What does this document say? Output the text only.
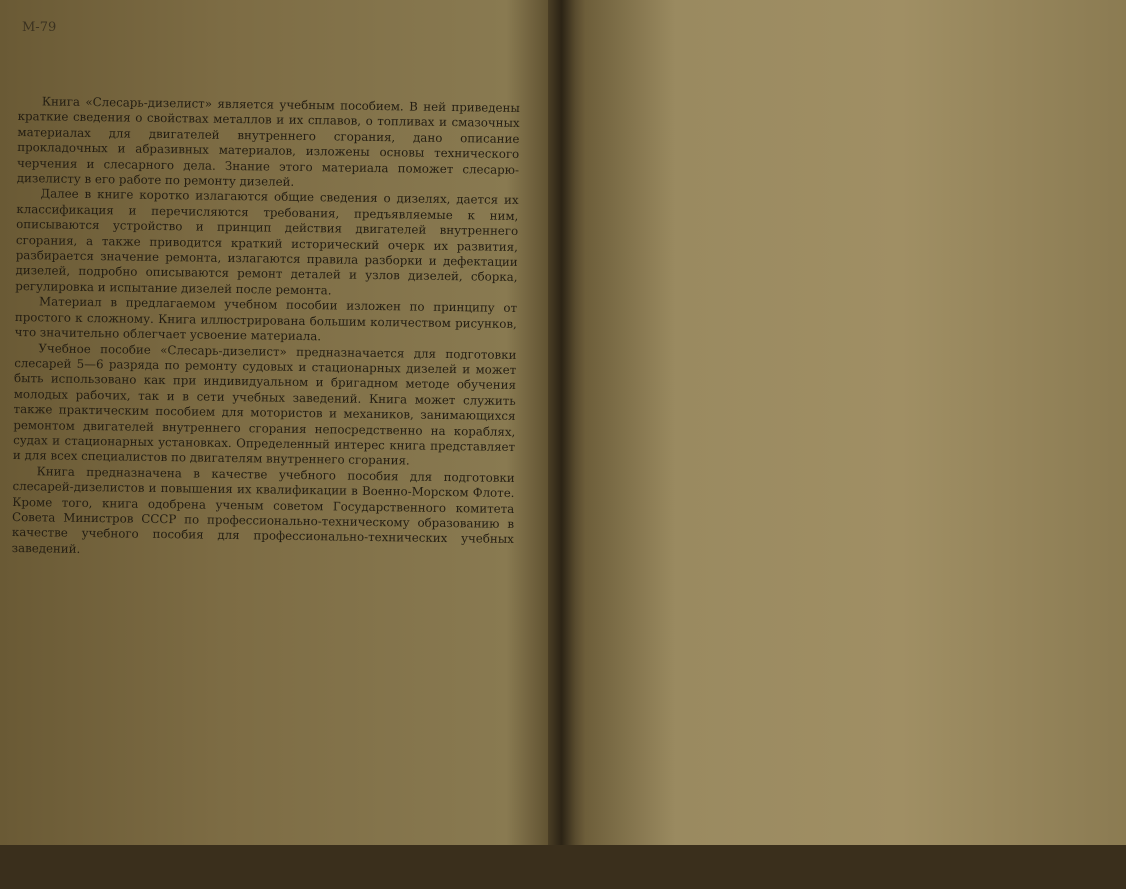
М-79

Книга «Слесарь-дизелист» является учебным пособием. В ней приведены краткие сведения о свойствах металлов и их сплавов, о топливах и смазочных материалах для двигателей внутреннего сгорания, дано описание прокладочных и абразивных материалов, изложены основы технического черчения и слесарного дела. Знание этого материала поможет слесарю-дизелисту в его работе по ремонту дизелей.

Далее в книге коротко излагаются общие сведения о дизелях, дается их классификация и перечисляются требования, предъявляемые к ним, описываются устройство и принцип действия двигателей внутреннего сгорания, а также приводится краткий исторический очерк их развития, разбирается значение ремонта, излагаются правила разборки и дефектации дизелей, подробно описываются ремонт деталей и узлов дизелей, сборка, регулировка и испытание дизелей после ремонта.

Материал в предлагаемом учебном пособии изложен по принципу от простого к сложному. Книга иллюстрирована большим количеством рисунков, что значительно облегчает усвоение материала.

Учебное пособие «Слесарь-дизелист» предназначается для подготовки слесарей 5—6 разряда по ремонту судовых и стационарных дизелей и может быть использовано как при индивидуальном и бригадном методе обучения молодых рабочих, так и в сети учебных заведений. Книга может служить также практическим пособием для мотористов и механиков, занимающихся ремонтом двигателей внутреннего сгорания непосредственно на кораблях, судах и стационарных установках. Определенный интерес книга представляет и для всех специалистов по двигателям внутреннего сгорания.

Книга предназначена в качестве учебного пособия для подготовки слесарей-дизелистов и повышения их квалификации в Военно-Морском Флоте. Кроме того, книга одобрена ученым советом Государственного комитета Совета Министров СССР по профессионально-техническому образованию в качестве учебного пособия для профессионально-технических учебных заведений.
